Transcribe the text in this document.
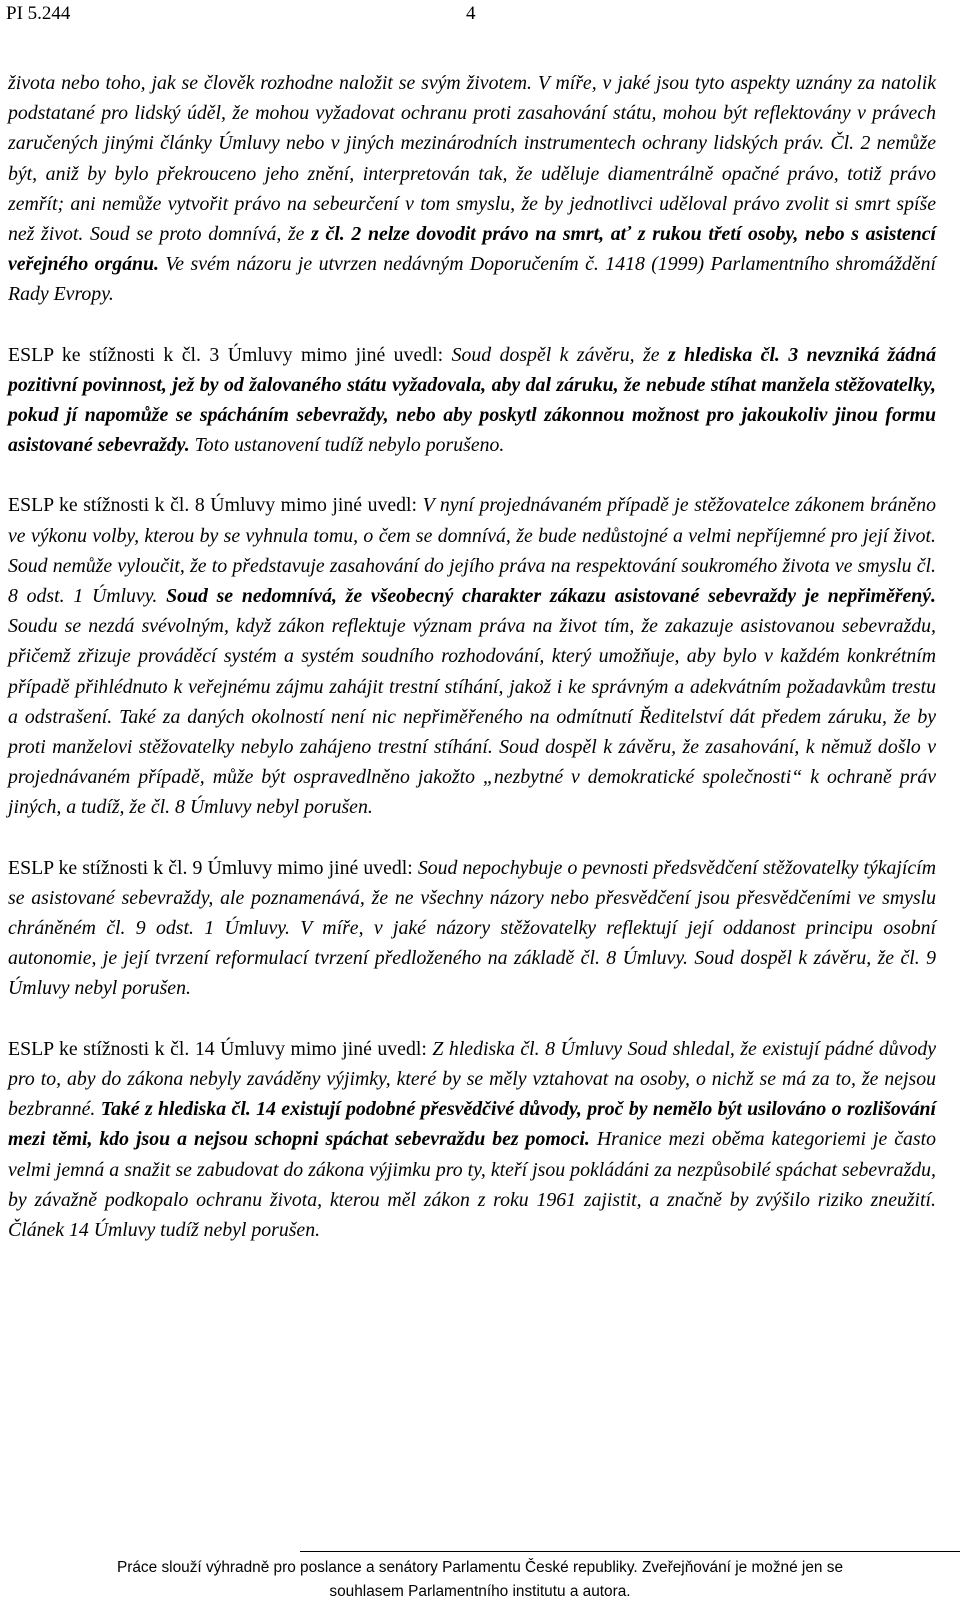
PI 5.244	4

života nebo toho, jak se člověk rozhodne naložit se svým životem. V míře, v jaké jsou tyto aspekty uznány za natolik podstatané pro lidský úděl, že mohou vyžadovat ochranu proti zasahování státu, mohou být reflektovány v právech zaručených jinými články Úmluvy nebo v jiných mezinárodních instrumentech ochrany lidských práv. Čl. 2 nemůže být, aniž by bylo překrouceno jeho znění, interpretován tak, že uděluje diamentrálně opačné právo, totiž právo zemřít; ani nemůže vytvořit právo na sebeurčení v tom smyslu, že by jednotlivci uděloval právo zvolit si smrt spíše než život. Soud se proto domnívá, že z čl. 2 nelze dovodit právo na smrt, ať z rukou třetí osoby, nebo s asistencí veřejného orgánu. Ve svém názoru je utvrzen nedávným Doporučením č. 1418 (1999) Parlamentního shromáždění Rady Evropy.

ESLP ke stížnosti k čl. 3 Úmluvy mimo jiné uvedl: Soud dospěl k závěru, že z hlediska čl. 3 nevzniká žádná pozitivní povinnost, jež by od žalovaného státu vyžadovala, aby dal záruku, že nebude stíhat manžela stěžovatelky, pokud jí napomůže se spácháním sebevraždy, nebo aby poskytl zákonnou možnost pro jakoukoliv jinou formu asistované sebevraždy. Toto ustanovení tudíž nebylo porušeno.

ESLP ke stížnosti k čl. 8 Úmluvy mimo jiné uvedl: V nyní projednávaném případě je stěžovatelce zákonem bráněno ve výkonu volby, kterou by se vyhnula tomu, o čem se domnívá, že bude nedůstojné a velmi nepříjemné pro její život. Soud nemůže vyloučit, že to představuje zasahování do jejího práva na respektování soukromého života ve smyslu čl. 8 odst. 1 Úmluvy. Soud se nedomnívá, že všeobecný charakter zákazu asistované sebevraždy je nepřiměřený. Soudu se nezdá svévolným, když zákon reflektuje význam práva na život tím, že zakazuje asistovanou sebevraždu, přičemž zřizuje prováděcí systém a systém soudního rozhodování, který umožňuje, aby bylo v každém konkrétním případě přihlédnuto k veřejnému zájmu zahájit trestní stíhání, jakož i ke správným a adekvátním požadavkům trestu a odstrašení. Také za daných okolností není nic nepřiměřeného na odmítnutí Ředitelství dát předem záruku, že by proti manželovi stěžovatelky nebylo zahájeno trestní stíhání. Soud dospěl k závěru, že zasahování, k němuž došlo v projednávaném případě, může být ospravedlněno jakožto „nezbytné v demokratické společnosti“ k ochraně práv jiných, a tudíž, že čl. 8 Úmluvy nebyl porušen.

ESLP ke stížnosti k čl. 9 Úmluvy mimo jiné uvedl: Soud nepochybuje o pevnosti předsvědčení stěžovatelky týkajícím se asistované sebevraždy, ale poznamenává, že ne všechny názory nebo přesvědčení jsou přesvědčeními ve smyslu chráněném čl. 9 odst. 1 Úmluvy. V míře, v jaké názory stěžovatelky reflektují její oddanost principu osobní autonomie, je její tvrzení reformulací tvrzení předloženého na základě čl. 8 Úmluvy. Soud dospěl k závěru, že čl. 9 Úmluvy nebyl porušen.

ESLP ke stížnosti k čl. 14 Úmluvy mimo jiné uvedl: Z hlediska čl. 8 Úmluvy Soud shledal, že existují pádné důvody pro to, aby do zákona nebyly zaváděny výjimky, které by se měly vztahovat na osoby, o nichž se má za to, že nejsou bezbranné. Také z hlediska čl. 14 existují podobné přesvědčivé důvody, proč by nemělo být usilováno o rozlišování mezi těmi, kdo jsou a nejsou schopni spáchat sebevraždu bez pomoci. Hranice mezi oběma kategoriemi je často velmi jemná a snažit se zabudovat do zákona výjimku pro ty, kteří jsou pokládáni za nezpůsobilé spáchat sebevraždu, by závažně podkopalo ochranu života, kterou měl zákon z roku 1961 zajistit, a značně by zvýšilo riziko zneužití. Článek 14 Úmluvy tudíž nebyl porušen.

Práce slouží výhradně pro poslance a senátory Parlamentu České republiky. Zveřejňování je možné jen se
souhlasem Parlamentního institutu a autora.
